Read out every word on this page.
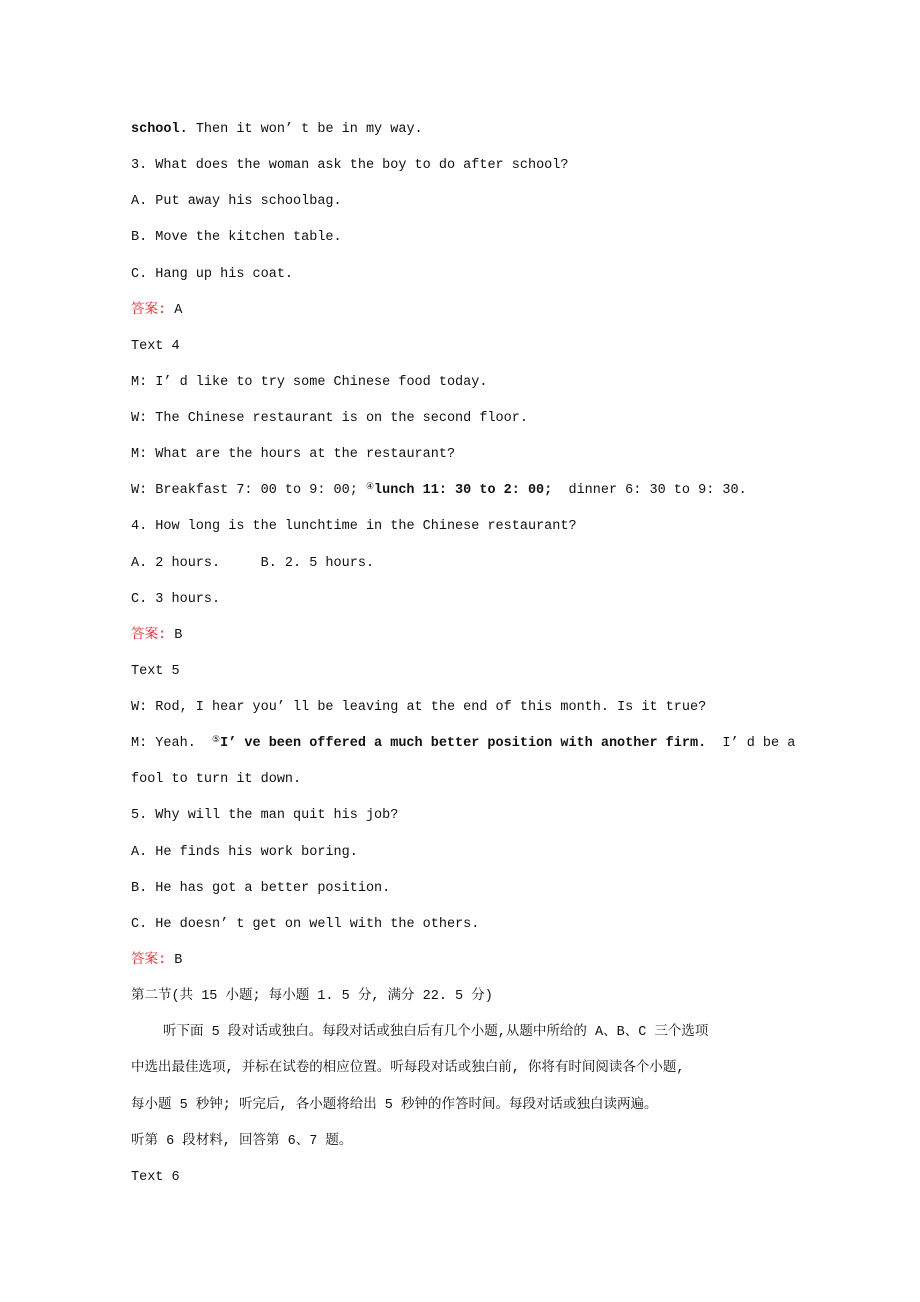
school. Then it won’ t be in my way.
3. What does the woman ask the boy to do after school?
A. Put away his schoolbag.
B. Move the kitchen table.
C. Hang up his coat.
答案: A
Text 4
M: I’ d like to try some Chinese food today.
W: The Chinese restaurant is on the second floor.
M: What are the hours at the restaurant?
W: Breakfast 7: 00 to 9: 00; ④lunch 11: 30 to 2: 00;  dinner 6: 30 to 9: 30.
4. How long is the lunchtime in the Chinese restaurant?
A. 2 hours.     B. 2. 5 hours.
C. 3 hours.
答案: B
Text 5
W: Rod, I hear you’ ll be leaving at the end of this month. Is it true?
M: Yeah.  ⑤I’ ve been offered a much better position with another firm.  I’ d be a
fool to turn it down.
5. Why will the man quit his job?
A. He finds his work boring.
B. He has got a better position.
C. He doesn’ t get on well with the others.
答案: B
第二节(共 15 小题; 每小题 1. 5 分, 满分 22. 5 分)
听下面 5 段对话或独白。每段对话或独白后有几个小题,从题中所给的 A、B、C 三个选项
中选出最佳选项, 并标在试卷的相应位置。听每段对话或独白前, 你将有时间阅读各个小题,
每小题 5 秒钟; 听完后, 各小题将给出 5 秒钟的作答时间。每段对话或独白读两遍。
听第 6 段材料, 回答第 6、7 题。
Text 6
